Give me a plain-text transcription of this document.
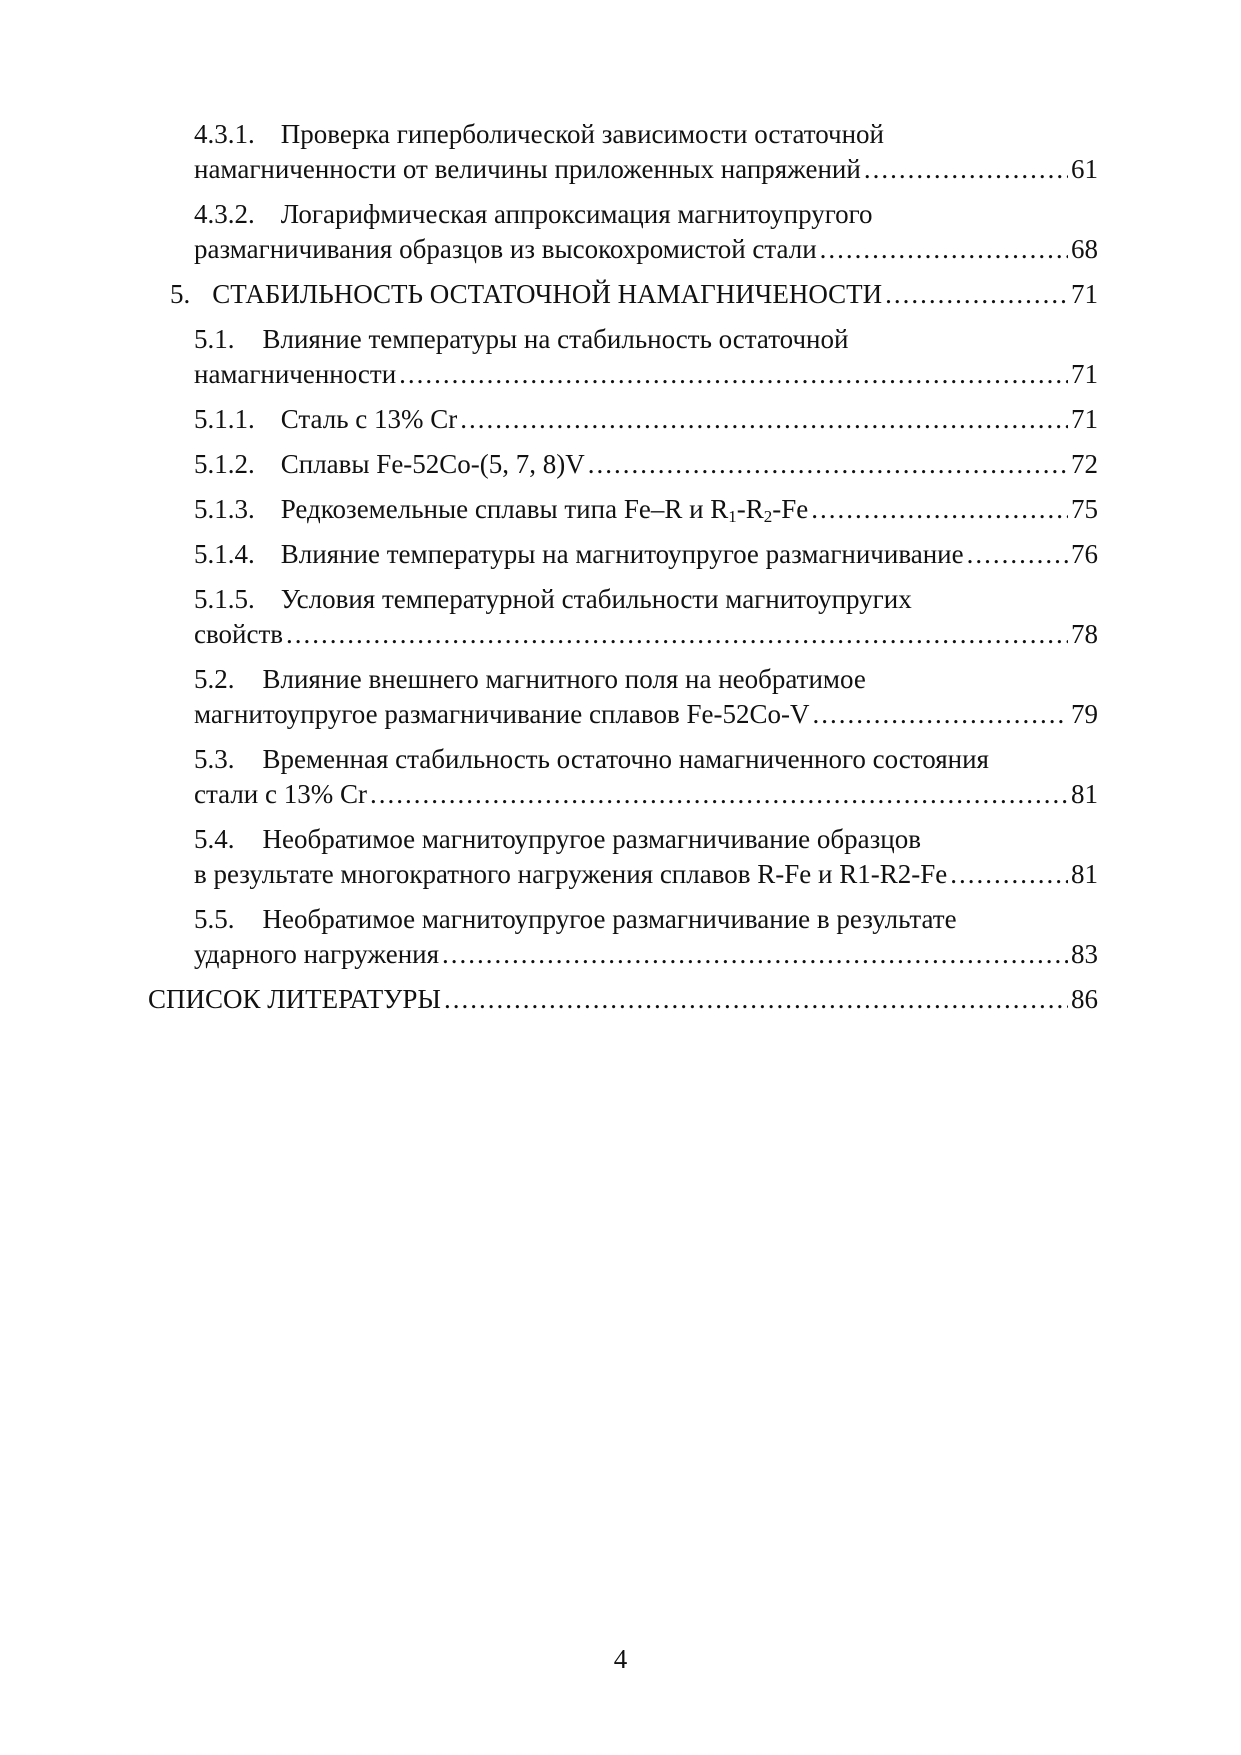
4.3.1. Проверка гиперболической зависимости остаточной
намагниченности от величины приложенных напряжений .....	61
4.3.2. Логарифмическая аппроксимация магнитоупругого
размагничивания образцов из высокохромистой стали .....	68
5. СТАБИЛЬНОСТЬ ОСТАТОЧНОЙ НАМАГНИЧЕНОСТИ .....	71
5.1. Влияние температуры на стабильность остаточной
намагниченности .....	71
5.1.1. Сталь с 13% Cr .....	71
5.1.2. Сплавы Fe-52Co-(5, 7, 8)V .....	72
5.1.3. Редкоземельные сплавы типа Fe–R и $R_1-R_2-Fe$ .....	75
5.1.4. Влияние температуры на магнитоупругое размагничивание .....	76
5.1.5. Условия температурной стабильности магнитоупругих
свойств .....	78
5.2. Влияние внешнего магнитного поля на необратимое
магнитоупругое размагничивание сплавов Fe-52Co-V .....	79
5.3. Временная стабильность остаточно намагниченного состояния
стали с 13% Cr .....	81
5.4. Необратимое магнитоупругое размагничивание образцов
в результате многократного нагружения сплавов R-Fe и R1-R2-Fe .....	81
5.5. Необратимое магнитоупругое размагничивание в результате
ударного нагружения .....	83
СПИСОК ЛИТЕРАТУРЫ .....	86
4
